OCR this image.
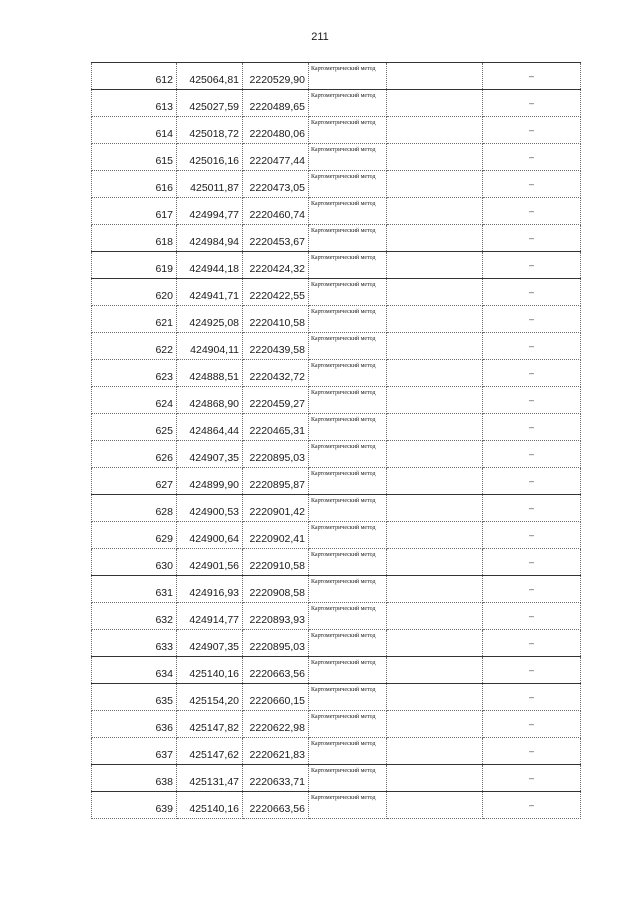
211
612	425064,81	2220529,90	Картометрический метод		–
613	425027,59	2220489,65	Картометрический метод		–
614	425018,72	2220480,06	Картометрический метод		–
615	425016,16	2220477,44	Картометрический метод		–
616	425011,87	2220473,05	Картометрический метод		–
617	424994,77	2220460,74	Картометрический метод		–
618	424984,94	2220453,67	Картометрический метод		–
619	424944,18	2220424,32	Картометрический метод		–
620	424941,71	2220422,55	Картометрический метод		–
621	424925,08	2220410,58	Картометрический метод		–
622	424904,11	2220439,58	Картометрический метод		–
623	424888,51	2220432,72	Картометрический метод		–
624	424868,90	2220459,27	Картометрический метод		–
625	424864,44	2220465,31	Картометрический метод		–
626	424907,35	2220895,03	Картометрический метод		–
627	424899,90	2220895,87	Картометрический метод		–
628	424900,53	2220901,42	Картометрический метод		–
629	424900,64	2220902,41	Картометрический метод		–
630	424901,56	2220910,58	Картометрический метод		–
631	424916,93	2220908,58	Картометрический метод		–
632	424914,77	2220893,93	Картометрический метод		–
633	424907,35	2220895,03	Картометрический метод		–
634	425140,16	2220663,56	Картометрический метод		–
635	425154,20	2220660,15	Картометрический метод		–
636	425147,82	2220622,98	Картометрический метод		–
637	425147,62	2220621,83	Картометрический метод		–
638	425131,47	2220633,71	Картометрический метод		–
639	425140,16	2220663,56	Картометрический метод		–
